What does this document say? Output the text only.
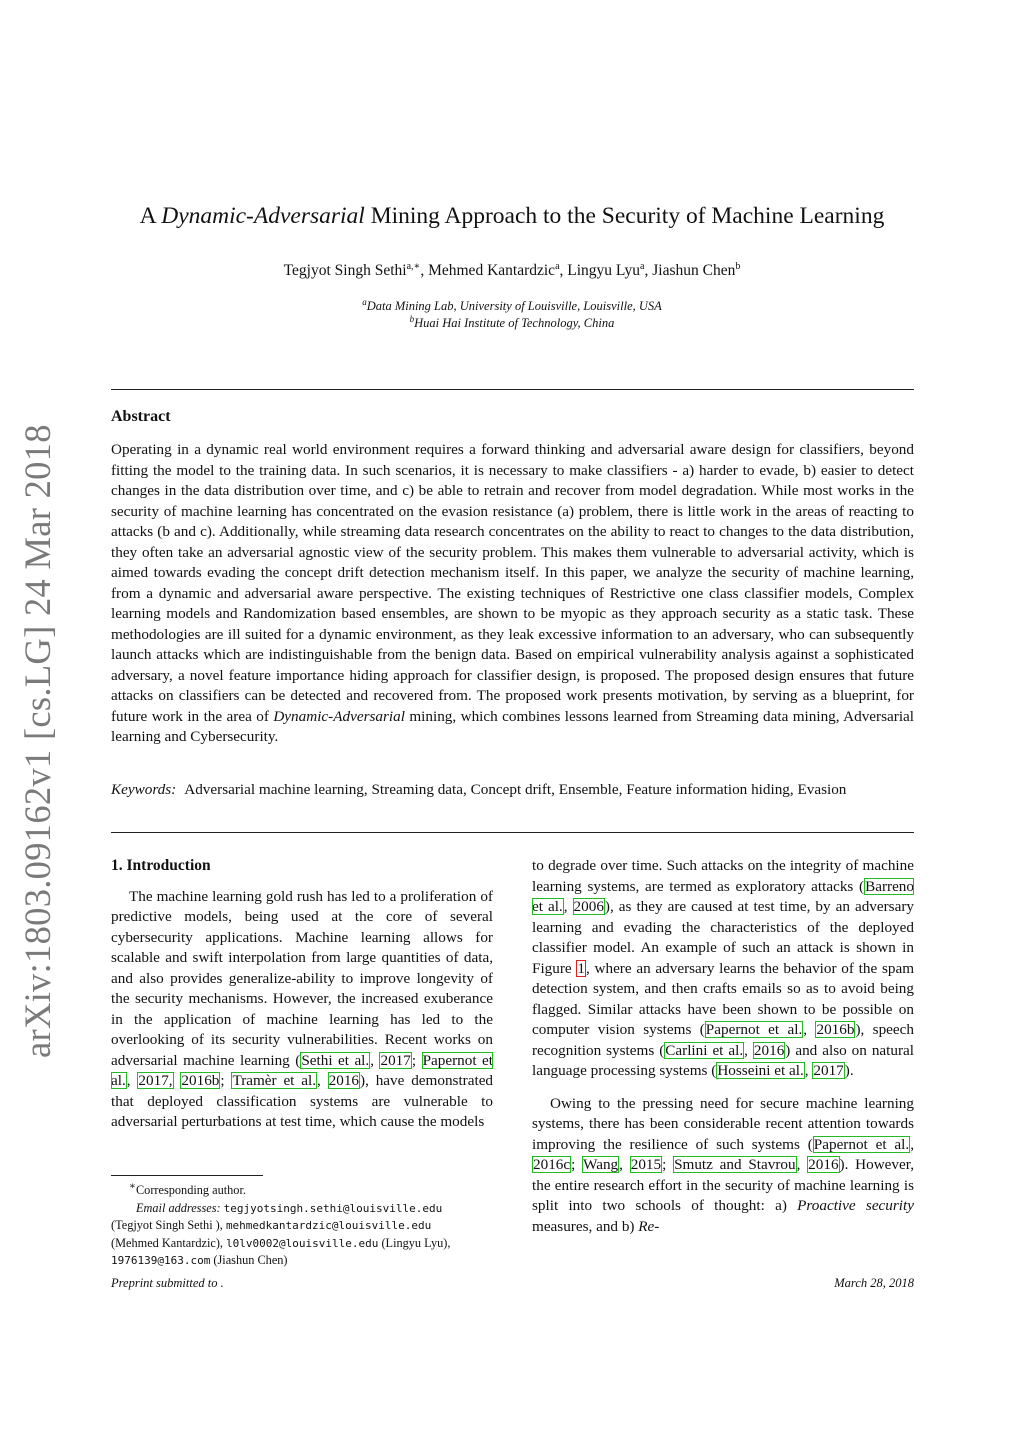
arXiv:1803.09162v1 [cs.LG] 24 Mar 2018
A Dynamic-Adversarial Mining Approach to the Security of Machine Learning
Tegjyot Singh Sethi$^{a,∗}$, Mehmed Kantardzic$^a$, Lingyu Lyu$^a$, Jiashun Chen$^b$
$^a$Data Mining Lab, University of Louisville, Louisville, USA
$^b$Huai Hai Institute of Technology, China
Abstract

Operating in a dynamic real world environment requires a forward thinking and adversarial aware design for classifiers, beyond fitting the model to the training data. In such scenarios, it is necessary to make classifiers - a) harder to evade, b) easier to detect changes in the data distribution over time, and c) be able to retrain and recover from model degradation. While most works in the security of machine learning has concentrated on the evasion resistance (a) problem, there is little work in the areas of reacting to attacks (b and c). Additionally, while streaming data research concentrates on the ability to react to changes to the data distribution, they often take an adversarial agnostic view of the security problem. This makes them vulnerable to adversarial activity, which is aimed towards evading the concept drift detection mechanism itself. In this paper, we analyze the security of machine learning, from a dynamic and adversarial aware perspective. The existing techniques of Restrictive one class classifier models, Complex learning models and Randomization based ensembles, are shown to be myopic as they approach security as a static task. These methodologies are ill suited for a dynamic environment, as they leak excessive information to an adversary, who can subsequently launch attacks which are indistinguishable from the benign data. Based on empirical vulnerability analysis against a sophisticated adversary, a novel feature importance hiding approach for classifier design, is proposed. The proposed design ensures that future attacks on classifiers can be detected and recovered from. The proposed work presents motivation, by serving as a blueprint, for future work in the area of Dynamic-Adversarial mining, which combines lessons learned from Streaming data mining, Adversarial learning and Cybersecurity.

Keywords: Adversarial machine learning, Streaming data, Concept drift, Ensemble, Feature information hiding, Evasion

1. Introduction

The machine learning gold rush has led to a proliferation of predictive models, being used at the core of several cybersecurity applications. Machine learning allows for scalable and swift interpolation from large quantities of data, and also provides generalize-ability to improve longevity of the security mechanisms. However, the increased exuberance in the application of machine learning has led to the overlooking of its security vulnerabilities. Recent works on adversarial machine learning (Sethi et al., 2017; Papernot et al., 2017, 2016b; Tramèr et al., 2016), have demonstrated that deployed classification systems are vulnerable to adversarial perturbations at test time, which cause the models

to degrade over time. Such attacks on the integrity of machine learning systems, are termed as exploratory attacks (Barreno et al., 2006), as they are caused at test time, by an adversary learning and evading the characteristics of the deployed classifier model. An example of such an attack is shown in Figure 1, where an adversary learns the behavior of the spam detection system, and then crafts emails so as to avoid being flagged. Similar attacks have been shown to be possible on computer vision systems (Papernot et al., 2016b), speech recognition systems (Carlini et al., 2016) and also on natural language processing systems (Hosseini et al., 2017).

Owing to the pressing need for secure machine learning systems, there has been considerable recent attention towards improving the resilience of such systems (Papernot et al., 2016c; Wang, 2015; Smutz and Stavrou, 2016). However, the entire research effort in the security of machine learning is split into two schools of thought: a) Proactive security measures, and b) Re-

∗Corresponding author.
Email addresses: tegjyotsingh.sethi@louisville.edu
(Tegjyot Singh Sethi ), mehmedkantardzic@louisville.edu
(Mehmed Kantardzic), l0lv0002@louisville.edu (Lingyu Lyu),
1976139@163.com (Jiashun Chen)
Preprint submitted to .	March 28, 2018
